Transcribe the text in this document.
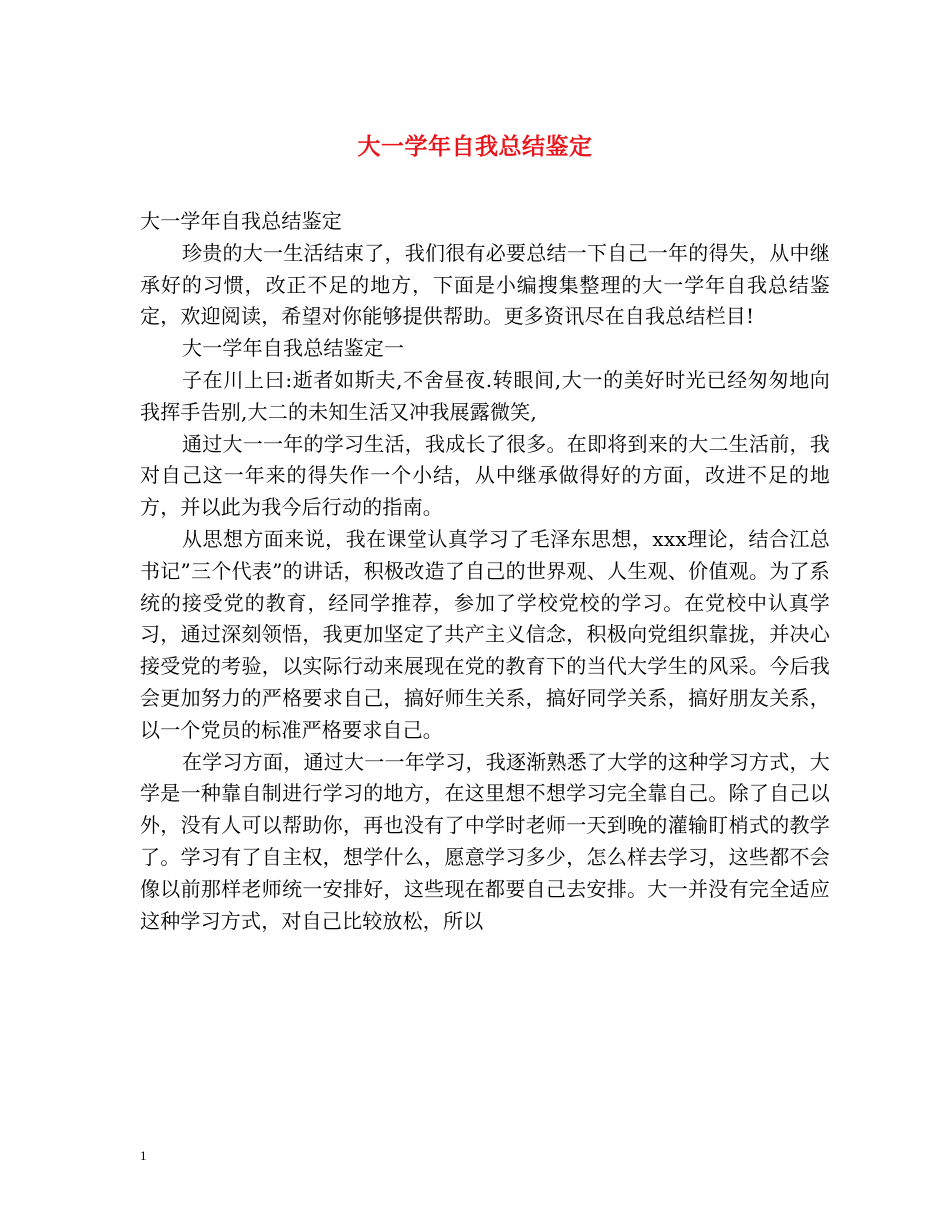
大一学年自我总结鉴定

大一学年自我总结鉴定

珍贵的大一生活结束了，我们很有必要总结一下自己一年的得失，从中继承好的习惯，改正不足的地方，下面是小编搜集整理的大一学年自我总结鉴定，欢迎阅读，希望对你能够提供帮助。更多资讯尽在自我总结栏目!

大一学年自我总结鉴定一

子在川上曰:逝者如斯夫,不舍昼夜.转眼间,大一的美好时光已经匆匆地向我挥手告别,大二的未知生活又冲我展露微笑,

通过大一一年的学习生活，我成长了很多。在即将到来的大二生活前，我对自己这一年来的得失作一个小结，从中继承做得好的方面，改进不足的地方，并以此为我今后行动的指南。

从思想方面来说，我在课堂认真学习了毛泽东思想，xxx理论，结合江总书记”三个代表”的讲话，积极改造了自己的世界观、人生观、价值观。为了系统的接受党的教育，经同学推荐，参加了学校党校的学习。在党校中认真学习，通过深刻领悟，我更加坚定了共产主义信念，积极向党组织靠拢，并决心接受党的考验，以实际行动来展现在党的教育下的当代大学生的风采。今后我会更加努力的严格要求自己，搞好师生关系，搞好同学关系，搞好朋友关系，以一个党员的标准严格要求自己。

在学习方面，通过大一一年学习，我逐渐熟悉了大学的这种学习方式，大学是一种靠自制进行学习的地方，在这里想不想学习完全靠自己。除了自己以外，没有人可以帮助你，再也没有了中学时老师一天到晚的灌输盯梢式的教学了。学习有了自主权，想学什么，愿意学习多少，怎么样去学习，这些都不会像以前那样老师统一安排好，这些现在都要自己去安排。大一并没有完全适应这种学习方式，对自己比较放松，所以

1
